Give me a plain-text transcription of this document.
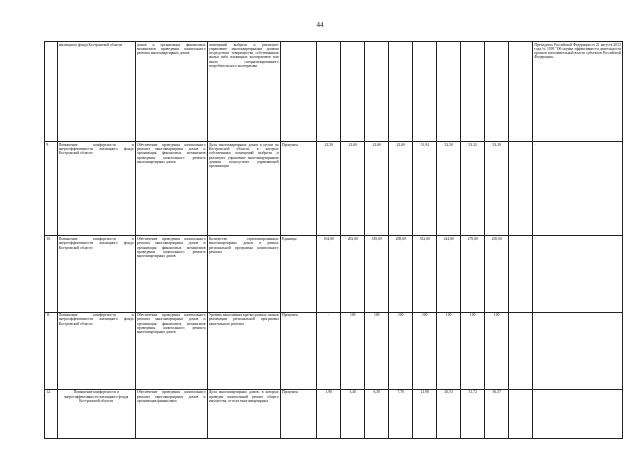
44
	жилищного фонда Костромской области	домов и организация финансовых механизмов проведения капитального ремонта многоквартирных домов	помещений выбрали и реализуют управление многоквартирными домами посредством товарищества собственников жилья либо жилищных кооперативов или иного специализированного потребительского кооператива											Президента Российской Федерации от 21 августа 2012 года № 1199 "Об оценке эффективности деятельности органов исполнительной власти субъектов Российской Федерации»
9.	Повышение комфортности и энергоэффективности жилищного фонда Костромской области	Обеспечение проведения капитального ремонта многоквартирных домов и организация финансовых механизмов проведения капитального ремонта многоквартирных домов	Доля многоквартирных домов в целом по Костромской области, в которых собственники помещений выбрали и реализуют управление многоквартирными домами посредством управляющей организации	Проценты	22,50	22,60	22,60	22,60	51,94	52,50	53,32	53,30		-
10.	Повышение комфортности и энергоэффективности жилищного фонда Костромской области	Обеспечение проведения капитального ремонта многоквартирных домов и организация финансовых механизмов проведения капитального ремонта многоквартирных домов	Количество отремонтированных многоквартирных домов в рамках региональной программы капитального ремонта	Единицы	104,00	202,00	339,00	288,00	352,00	244,00	279,00	250,00		-
11.	Повышение комфортности и энергоэффективности жилищного фонда Костромской области	Обеспечение проведения капитального ремонта многоквартирных домов и организация финансовых механизмов проведения капитального ремонта многоквартирных домов	Уровень выполнения краткосрочных планов реализации региональной программы капитального ремонта	Проценты	-	100	100	100	100	100	100	100		-
12.	Повышение комфортности и энергоэффективности жилищного фонда Костромской области	Обеспечение проведения капитального ремонта многоквартирных домов и организация финансовых	Доля многоквартирных домов, в которых проведен капитальный ремонт общего имущества, от всех многоквартирных	Проценты	1,90	3,40	6,30	7,70	21,98	26,53	31,72	36,37		-
